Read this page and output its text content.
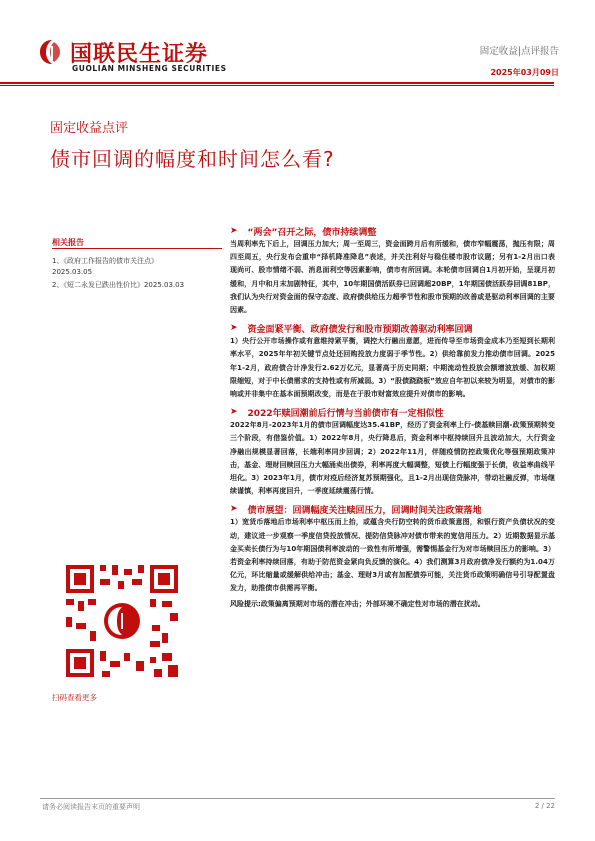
国联民生证券
GUOLIAN MINSHENG SECURITIES
固定收益|点评报告
2025年03月09日
固定收益点评
债市回调的幅度和时间怎么看?
相关报告
1、《政府工作报告的债市关注点》
2025.03.05
2、《短二永发已跌出性价比》2025.03.03
扫码查看更多
➤ “两会”召开之际，债市持续调整

当周利率先下后上，回调压力加大；周一至周三，资金面跨月后有所缓和，债市窄幅震荡，抛压有限；周四至周五，央行发布会重申“择机降准降息”表述，并关注利好与稳住楼市股市议题；另有1-2月出口表现尚可、股市情绪不弱、消息面利空等因素影响，债市有所回调。本轮债市回调自1月初开始，呈现月初缓和，月中和月末加剧特征，其中，10年期国债活跃券已回调超20BP，1年期国债活跃券回调81BP，我们认为央行对资金面的保守态度、政府债供给压力超季节性和股市预期的改善或是驱动利率回调的主要因素。

➤ 资金面紧平衡、政府债发行和股市预期改善驱动利率回调

1）央行公开市场操作或有意维持紧平衡，调控大行融出意愿，进而传导至市场资金成本乃至短到长期利率水平，2025年年初关键节点处还回购投放力度弱于季节性。2）供给靠前发力推动债市回调。2025年1-2月，政府债合计净发行2.62万亿元，显著高于历史同期；中期流动性投放会额增波放缓、加权期限缩短，对于中长债需求的支持性或有所减弱。3）“股债跷跷板”效应自年初以来较为明显，对债市的影响或并非集中在基本面预期改变，而是在于股市财富效应提升对债市的影响。

➤ 2022年赎回潮前后行情与当前债市有一定相似性

2022年8月-2023年1月的债市回调幅度达35.41BP，经历了资金利率上行-债基赎回潮-政策预期转变三个阶段，有借鉴价值。1）2022年8月，央行降息后，资金利率中枢持续回升且波动加大，大行资金净融出规模显著回落，长端利率同步回调；2）2022年11月，伴随疫情防控政策优化等强预期政策冲击，基金、理财回赎回压力大幅涌卖出债券，利率再度大幅调整，短债上行幅度强于长债，收益率曲线平坦化。3）2023年1月，债市对疫后经济复苏预期强化，且1-2月出现信贷脉冲，带动社融反弹，市场继续谨慎，利率再度回升，一季度延续震荡行情。

➤ 债市展望：回调幅度关注赎回压力，回调时间关注政策落地

1）宽货币落地后市场利率中枢压而上抬，或蕴含央行防空转的货币政策意图，和银行资产负债状况的变动，建议进一步观察一季度信贷投放情况、提防信贷脉冲对债市带来的宽信用压力。2）近期数据显示基金买卖长债行为与10年期国债利率波动的一致性有所增强，需警惕基金行为对市场赎回压力的影响。3）若资金利率持续回落，有助于防范资金紧向负反馈的演化。4）我们测算3月政府债净发行额约为1.04万亿元，环比缩量或缓解供给冲击；基金、理财3月或有加配债券可能，关注货币政策明确信号引导配置盘发力，助推债市供需再平衡。

风险提示:政策偏离预期对市场的潜在冲击；外部环境不确定性对市场的潜在扰动。
请务必阅读报告末页的重要声明	2 / 22
